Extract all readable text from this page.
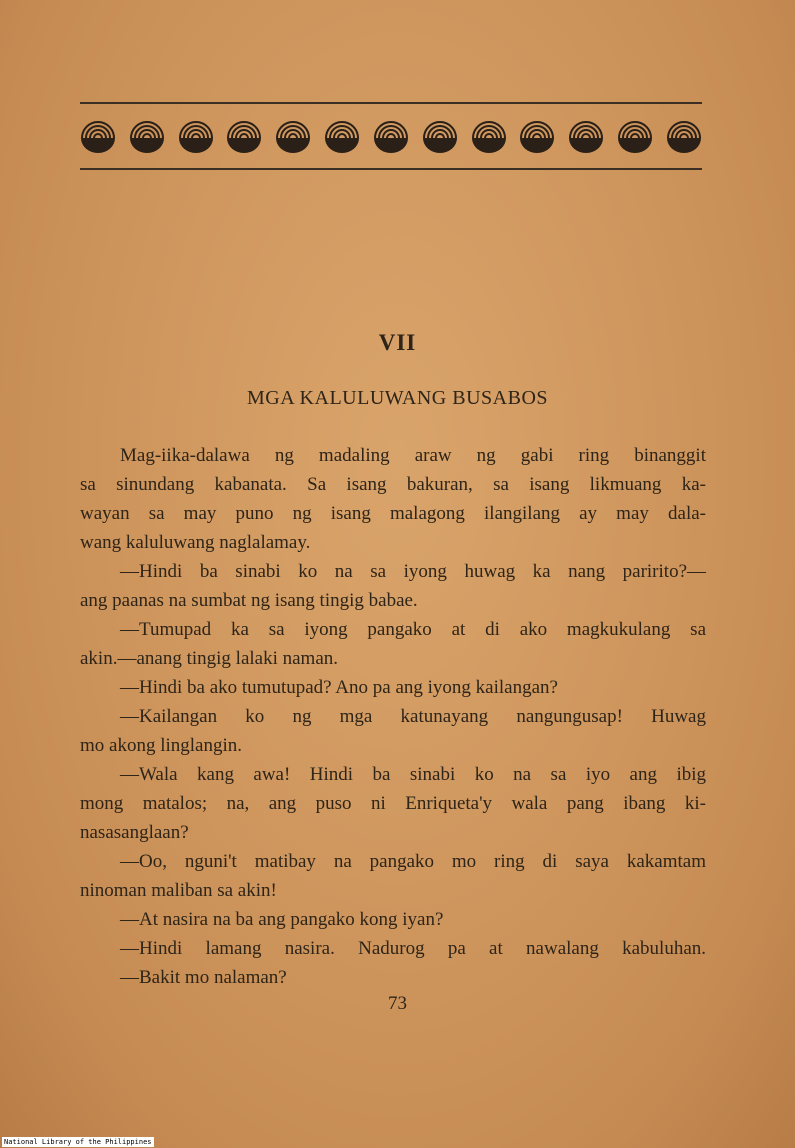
VII
MGA KALULUWANG BUSABOS
Mag-iika-dalawa ng madaling araw ng gabi ring binanggit
sa sinundang kabanata. Sa isang bakuran, sa isang likmuang ka-
wayan sa may puno ng isang malagong ilangilang ay may dala-
wang kaluluwang naglalamay.
—Hindi ba sinabi ko na sa iyong huwag ka nang paririto?—
ang paanas na sumbat ng isang tingig babae.
—Tumupad ka sa iyong pangako at di ako magkukulang sa
akin.—anang tingig lalaki naman.
—Hindi ba ako tumutupad? Ano pa ang iyong kailangan?
—Kailangan ko ng mga katunayang nangungusap! Huwag
mo akong linglangin.
—Wala kang awa! Hindi ba sinabi ko na sa iyo ang ibig
mong matalos; na, ang puso ni Enriqueta'y wala pang ibang ki-
nasasanglaan?
—Oo, nguni't matibay na pangako mo ring di saya kakamtam
ninoman maliban sa akin!
—At nasira na ba ang pangako kong iyan?
—Hindi lamang nasira. Nadurog pa at nawalang kabuluhan.
—Bakit mo nalaman?
73
National Library of the Philippines
